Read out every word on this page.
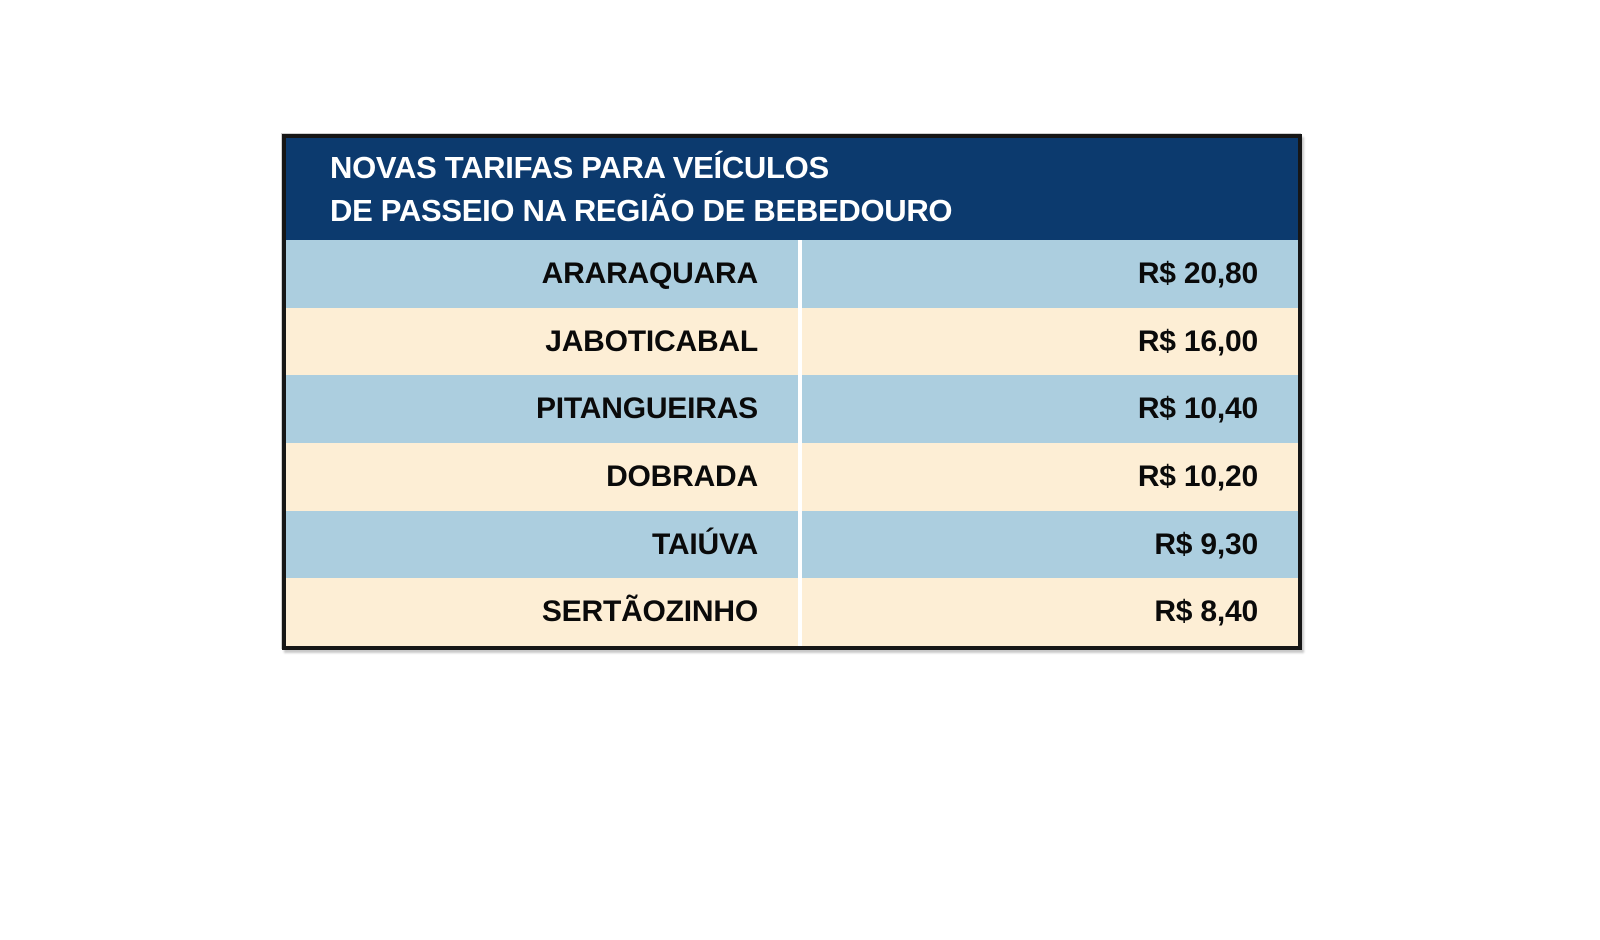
NOVAS TARIFAS PARA VEÍCULOS
DE PASSEIO NA REGIÃO DE BEBEDOURO
ARARAQUARA	R$ 20,80
JABOTICABAL	R$ 16,00
PITANGUEIRAS	R$ 10,40
DOBRADA	R$ 10,20
TAIÚVA	R$ 9,30
SERTÃOZINHO	R$ 8,40
